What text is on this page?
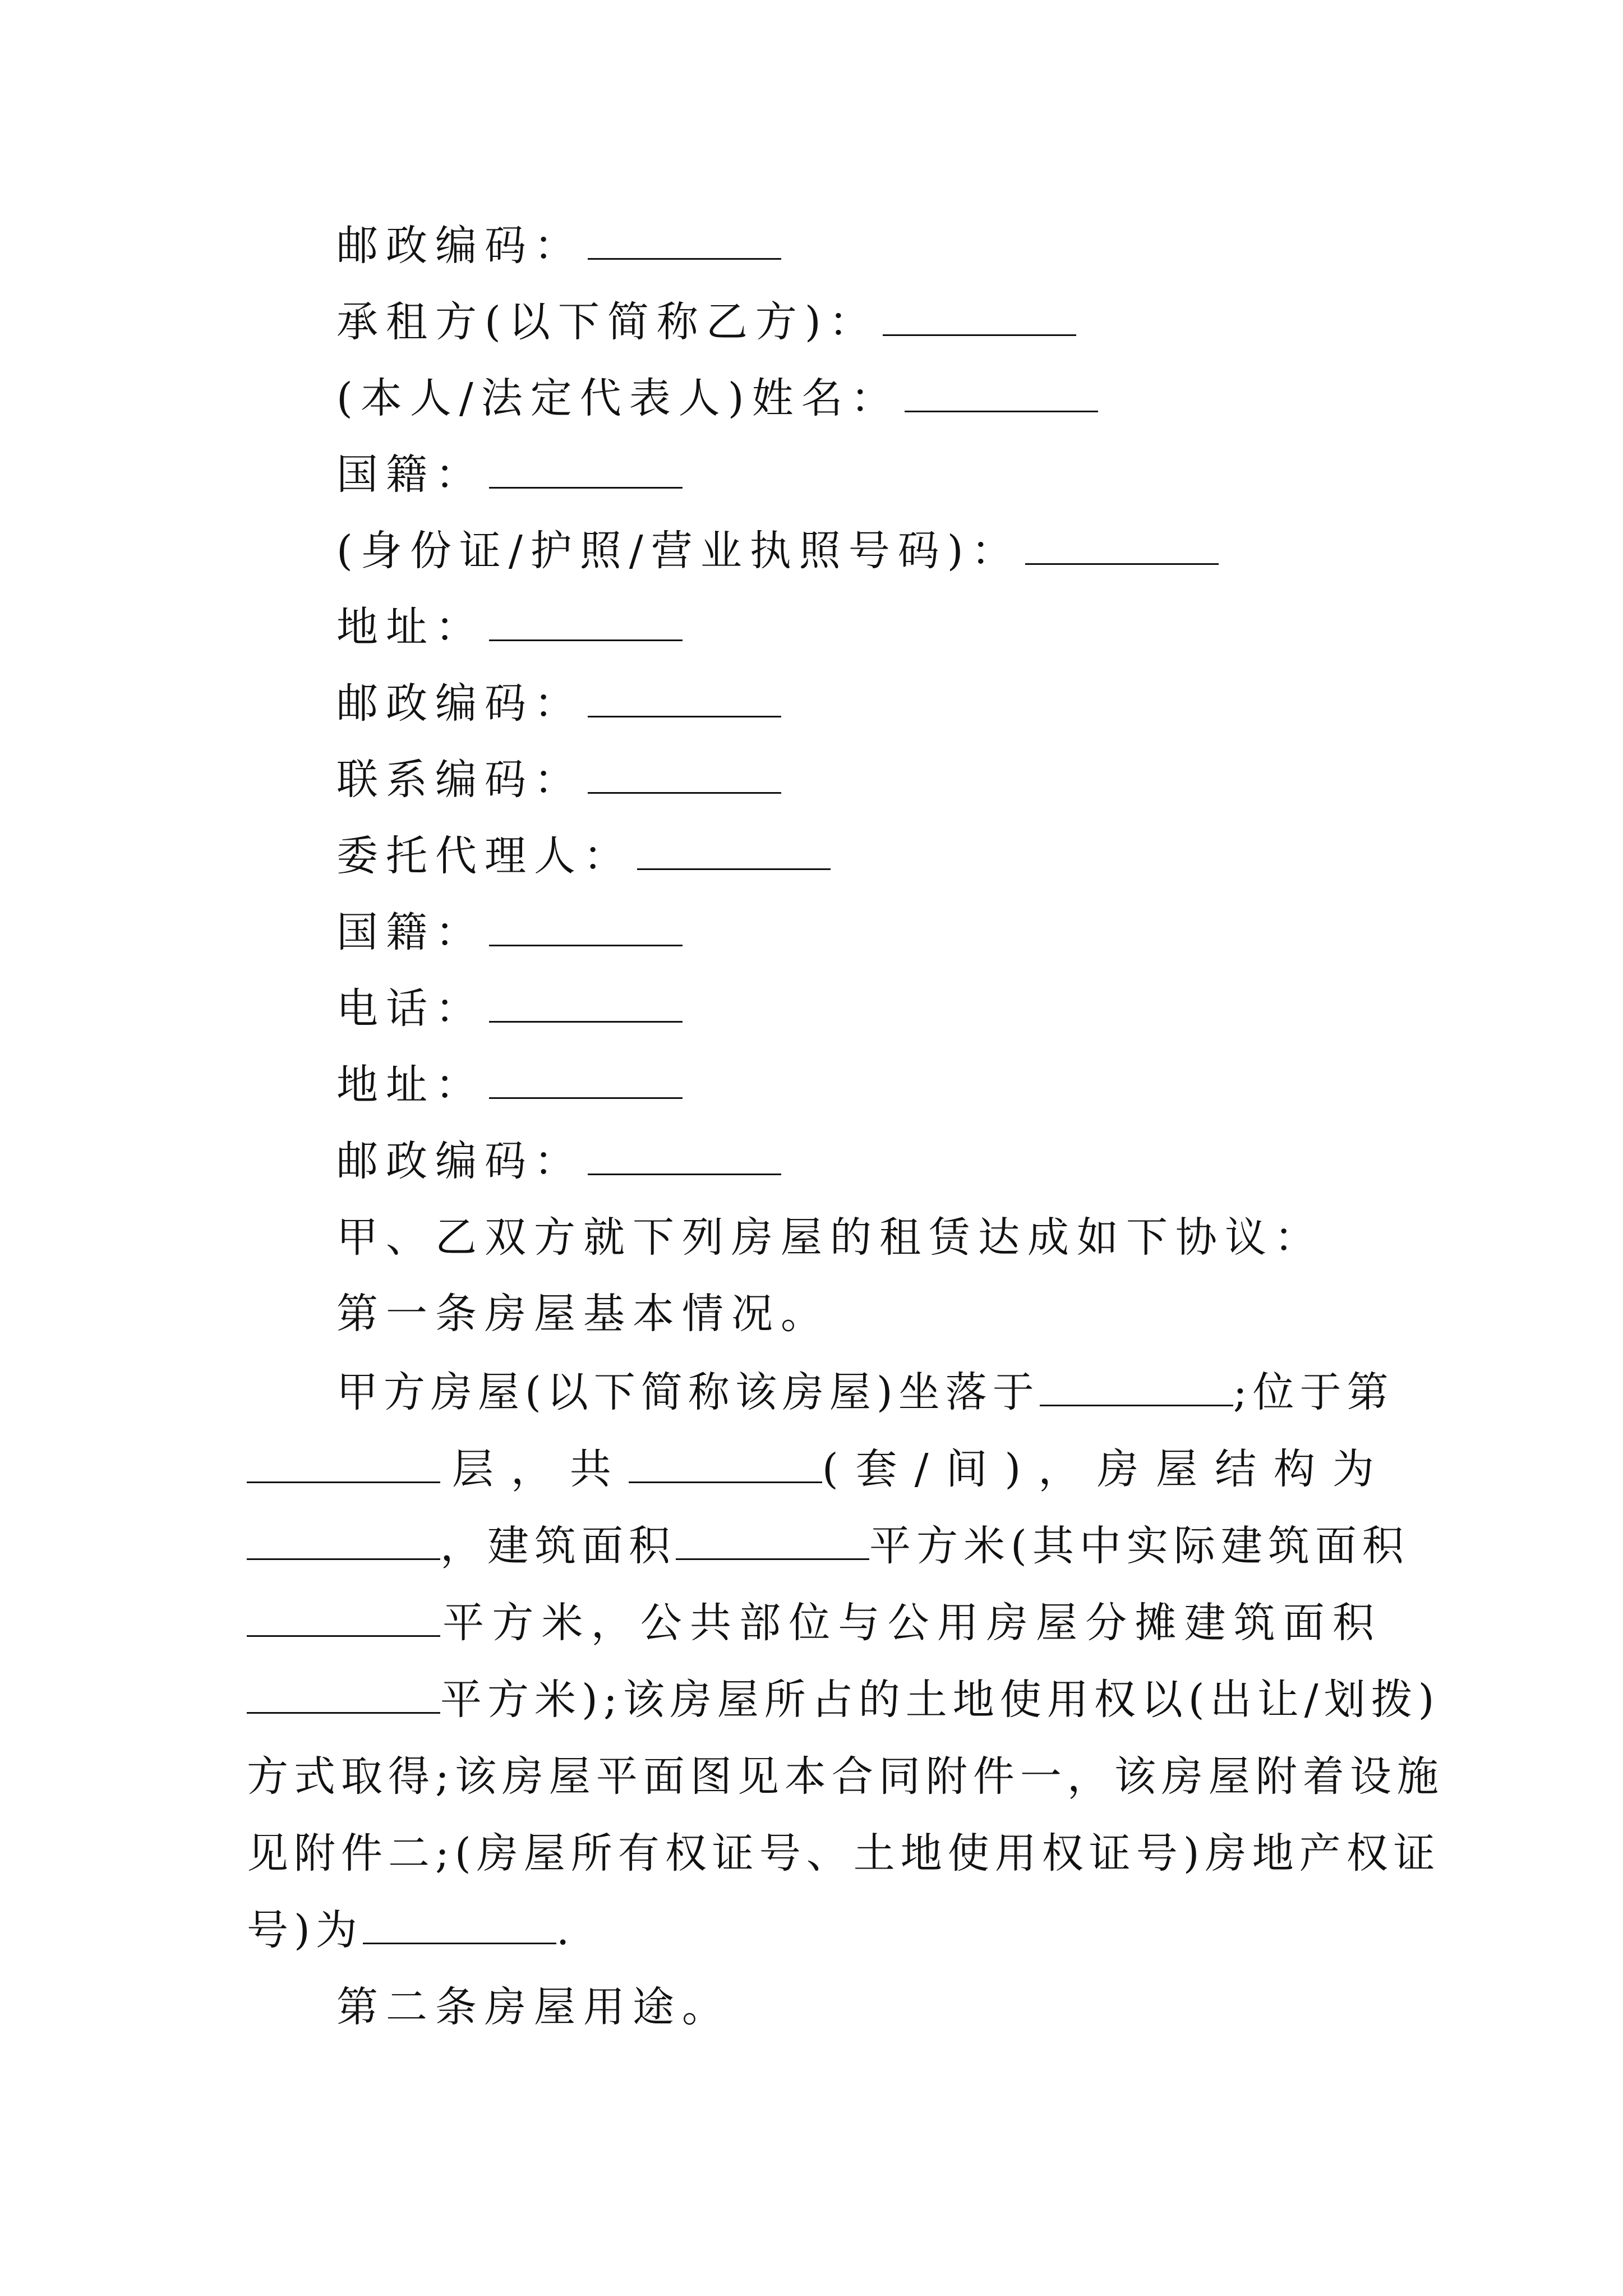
邮政编码：
承租方(以下简称乙方)：
(本人/法定代表人)姓名：
国籍：
(身份证/护照/营业执照号码)：
地址：
邮政编码：
联系编码：
委托代理人：
国籍：
电话：
地址：
邮政编码：
甲、乙双方就下列房屋的租赁达成如下协议：
第一条房屋基本情况。
甲方房屋(以下简称该房屋)坐落于	;位于第
层，共	(套/间)，房屋结构为
，建筑面积	平方米(其中实际建筑面积
平方米，公共部位与公用房屋分摊建筑面积
平方米);该房屋所占的土地使用权以(出让/划拨)
方式取得;该房屋平面图见本合同附件一，该房屋附着设施
见附件二;(房屋所有权证号、土地使用权证号)房地产权证
号)为	.
第二条房屋用途。
